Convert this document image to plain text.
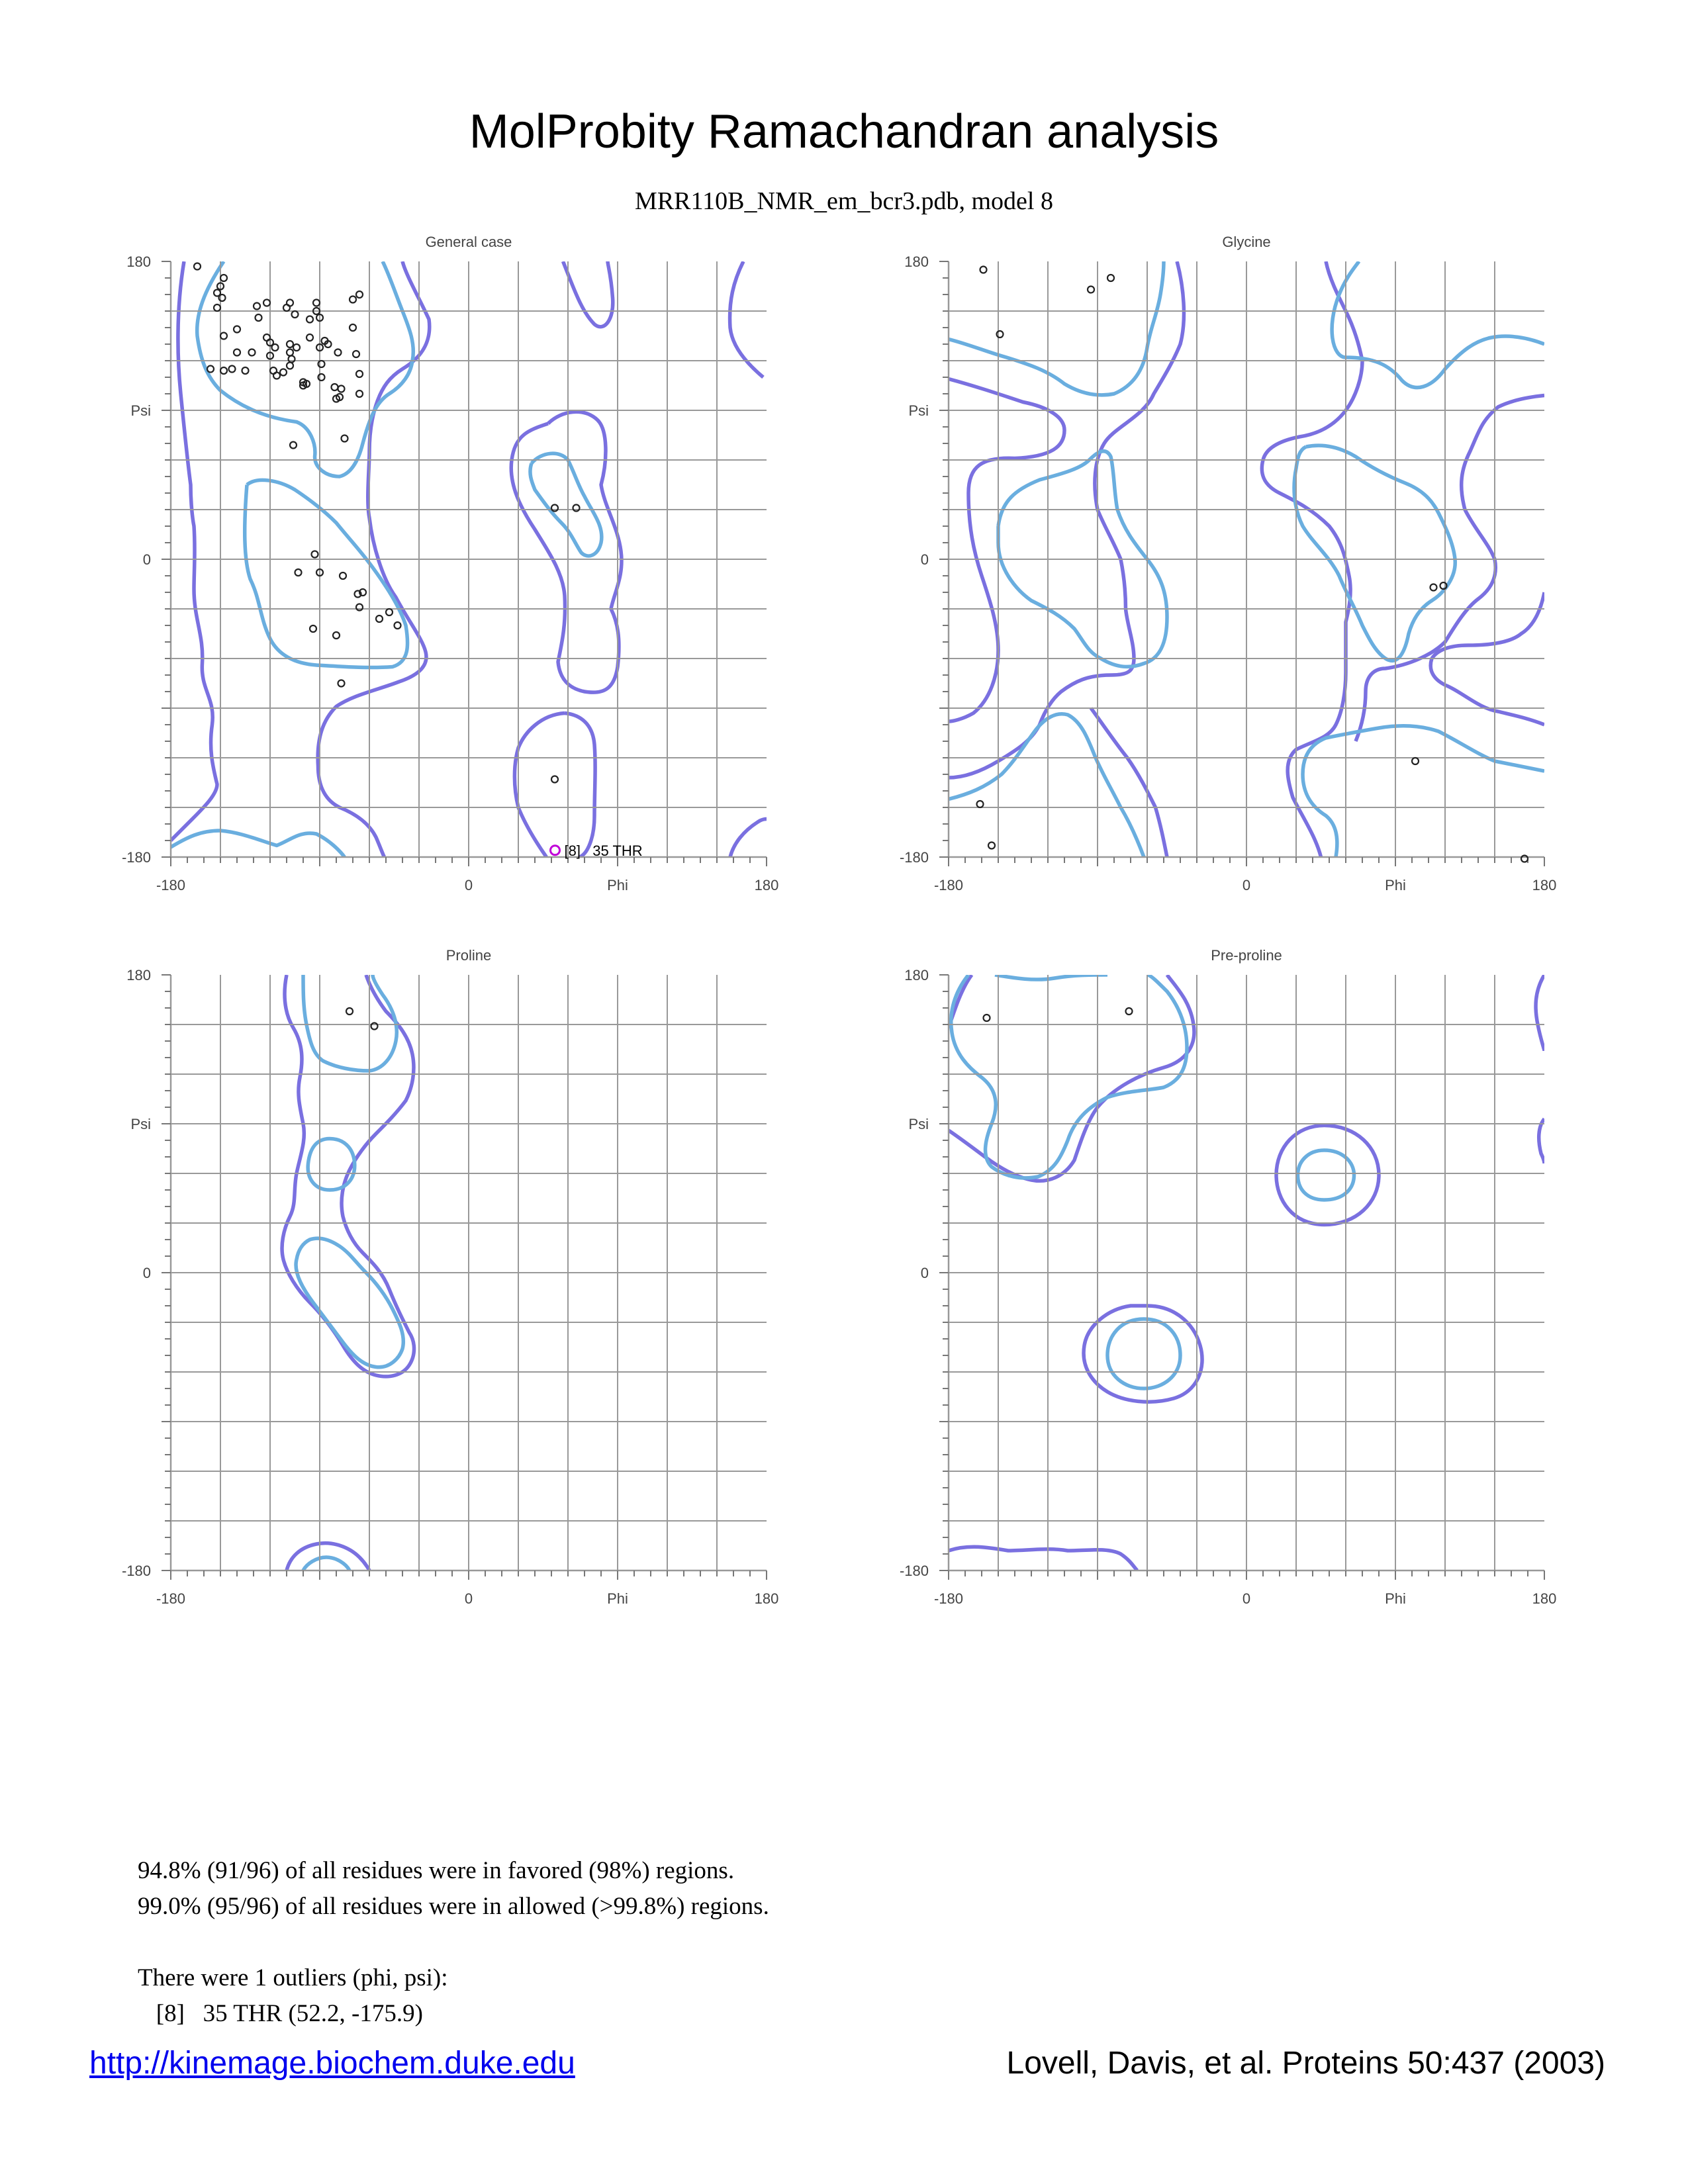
MolProbity Ramachandran analysis
MRR110B_NMR_em_bcr3.pdb, model 8
General case
-180	0	180
Phi
180
0
-180
Psi
[8]   35 THR
Glycine
-180	0	180
Phi
180
0
-180
Psi
Proline
-180	0	180
Phi
180
0
-180
Psi
Pre-proline
-180	0	180
Phi
180
0
-180
Psi
94.8% (91/96) of all residues were in favored (98%) regions.
99.0% (95/96) of all residues were in allowed (>99.8%) regions.
There were 1 outliers (phi, psi):
[8]   35 THR (52.2, -175.9)
http://kinemage.biochem.duke.edu	Lovell, Davis, et al. Proteins 50:437 (2003)
